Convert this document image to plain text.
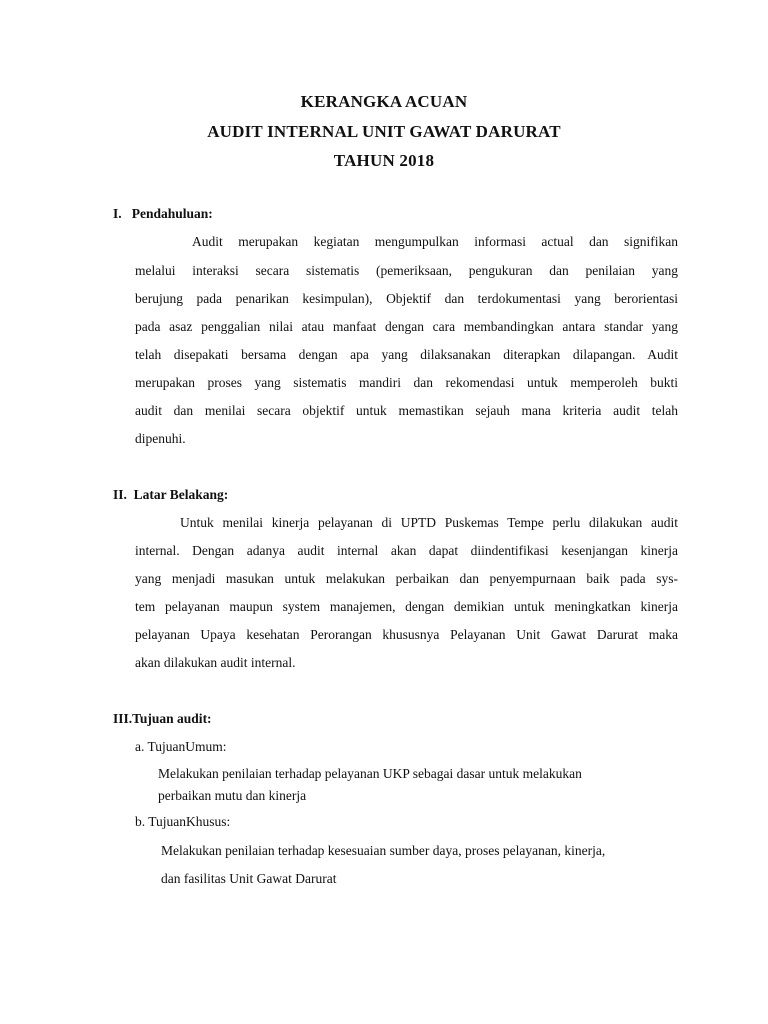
KERANGKA ACUAN
AUDIT INTERNAL UNIT GAWAT DARURAT
TAHUN 2018
I.   Pendahuluan:
Audit merupakan kegiatan mengumpulkan informasi actual dan signifikan
melalui interaksi secara sistematis (pemeriksaan, pengukuran dan penilaian yang
berujung pada penarikan kesimpulan), Objektif dan terdokumentasi yang berorientasi
pada asaz penggalian nilai atau manfaat dengan cara membandingkan antara standar yang
telah disepakati bersama dengan apa yang dilaksanakan diterapkan dilapangan. Audit
merupakan proses yang sistematis mandiri dan rekomendasi untuk memperoleh bukti
audit dan menilai secara objektif untuk memastikan sejauh mana kriteria audit telah
dipenuhi.
II.  Latar Belakang:
Untuk menilai kinerja pelayanan di UPTD Puskemas Tempe perlu dilakukan audit
internal. Dengan adanya audit internal akan dapat diindentifikasi kesenjangan kinerja
yang menjadi masukan untuk melakukan perbaikan dan penyempurnaan baik pada sys-
tem pelayanan maupun system manajemen, dengan demikian untuk meningkatkan kinerja
pelayanan Upaya kesehatan Perorangan khususnya Pelayanan Unit Gawat Darurat maka
akan dilakukan audit internal.
III.Tujuan audit:
a. TujuanUmum:
Melakukan penilaian terhadap pelayanan UKP sebagai dasar untuk melakukan
perbaikan mutu dan kinerja
b. TujuanKhusus:
Melakukan penilaian terhadap kesesuaian sumber daya, proses pelayanan, kinerja,
dan fasilitas Unit Gawat Darurat
